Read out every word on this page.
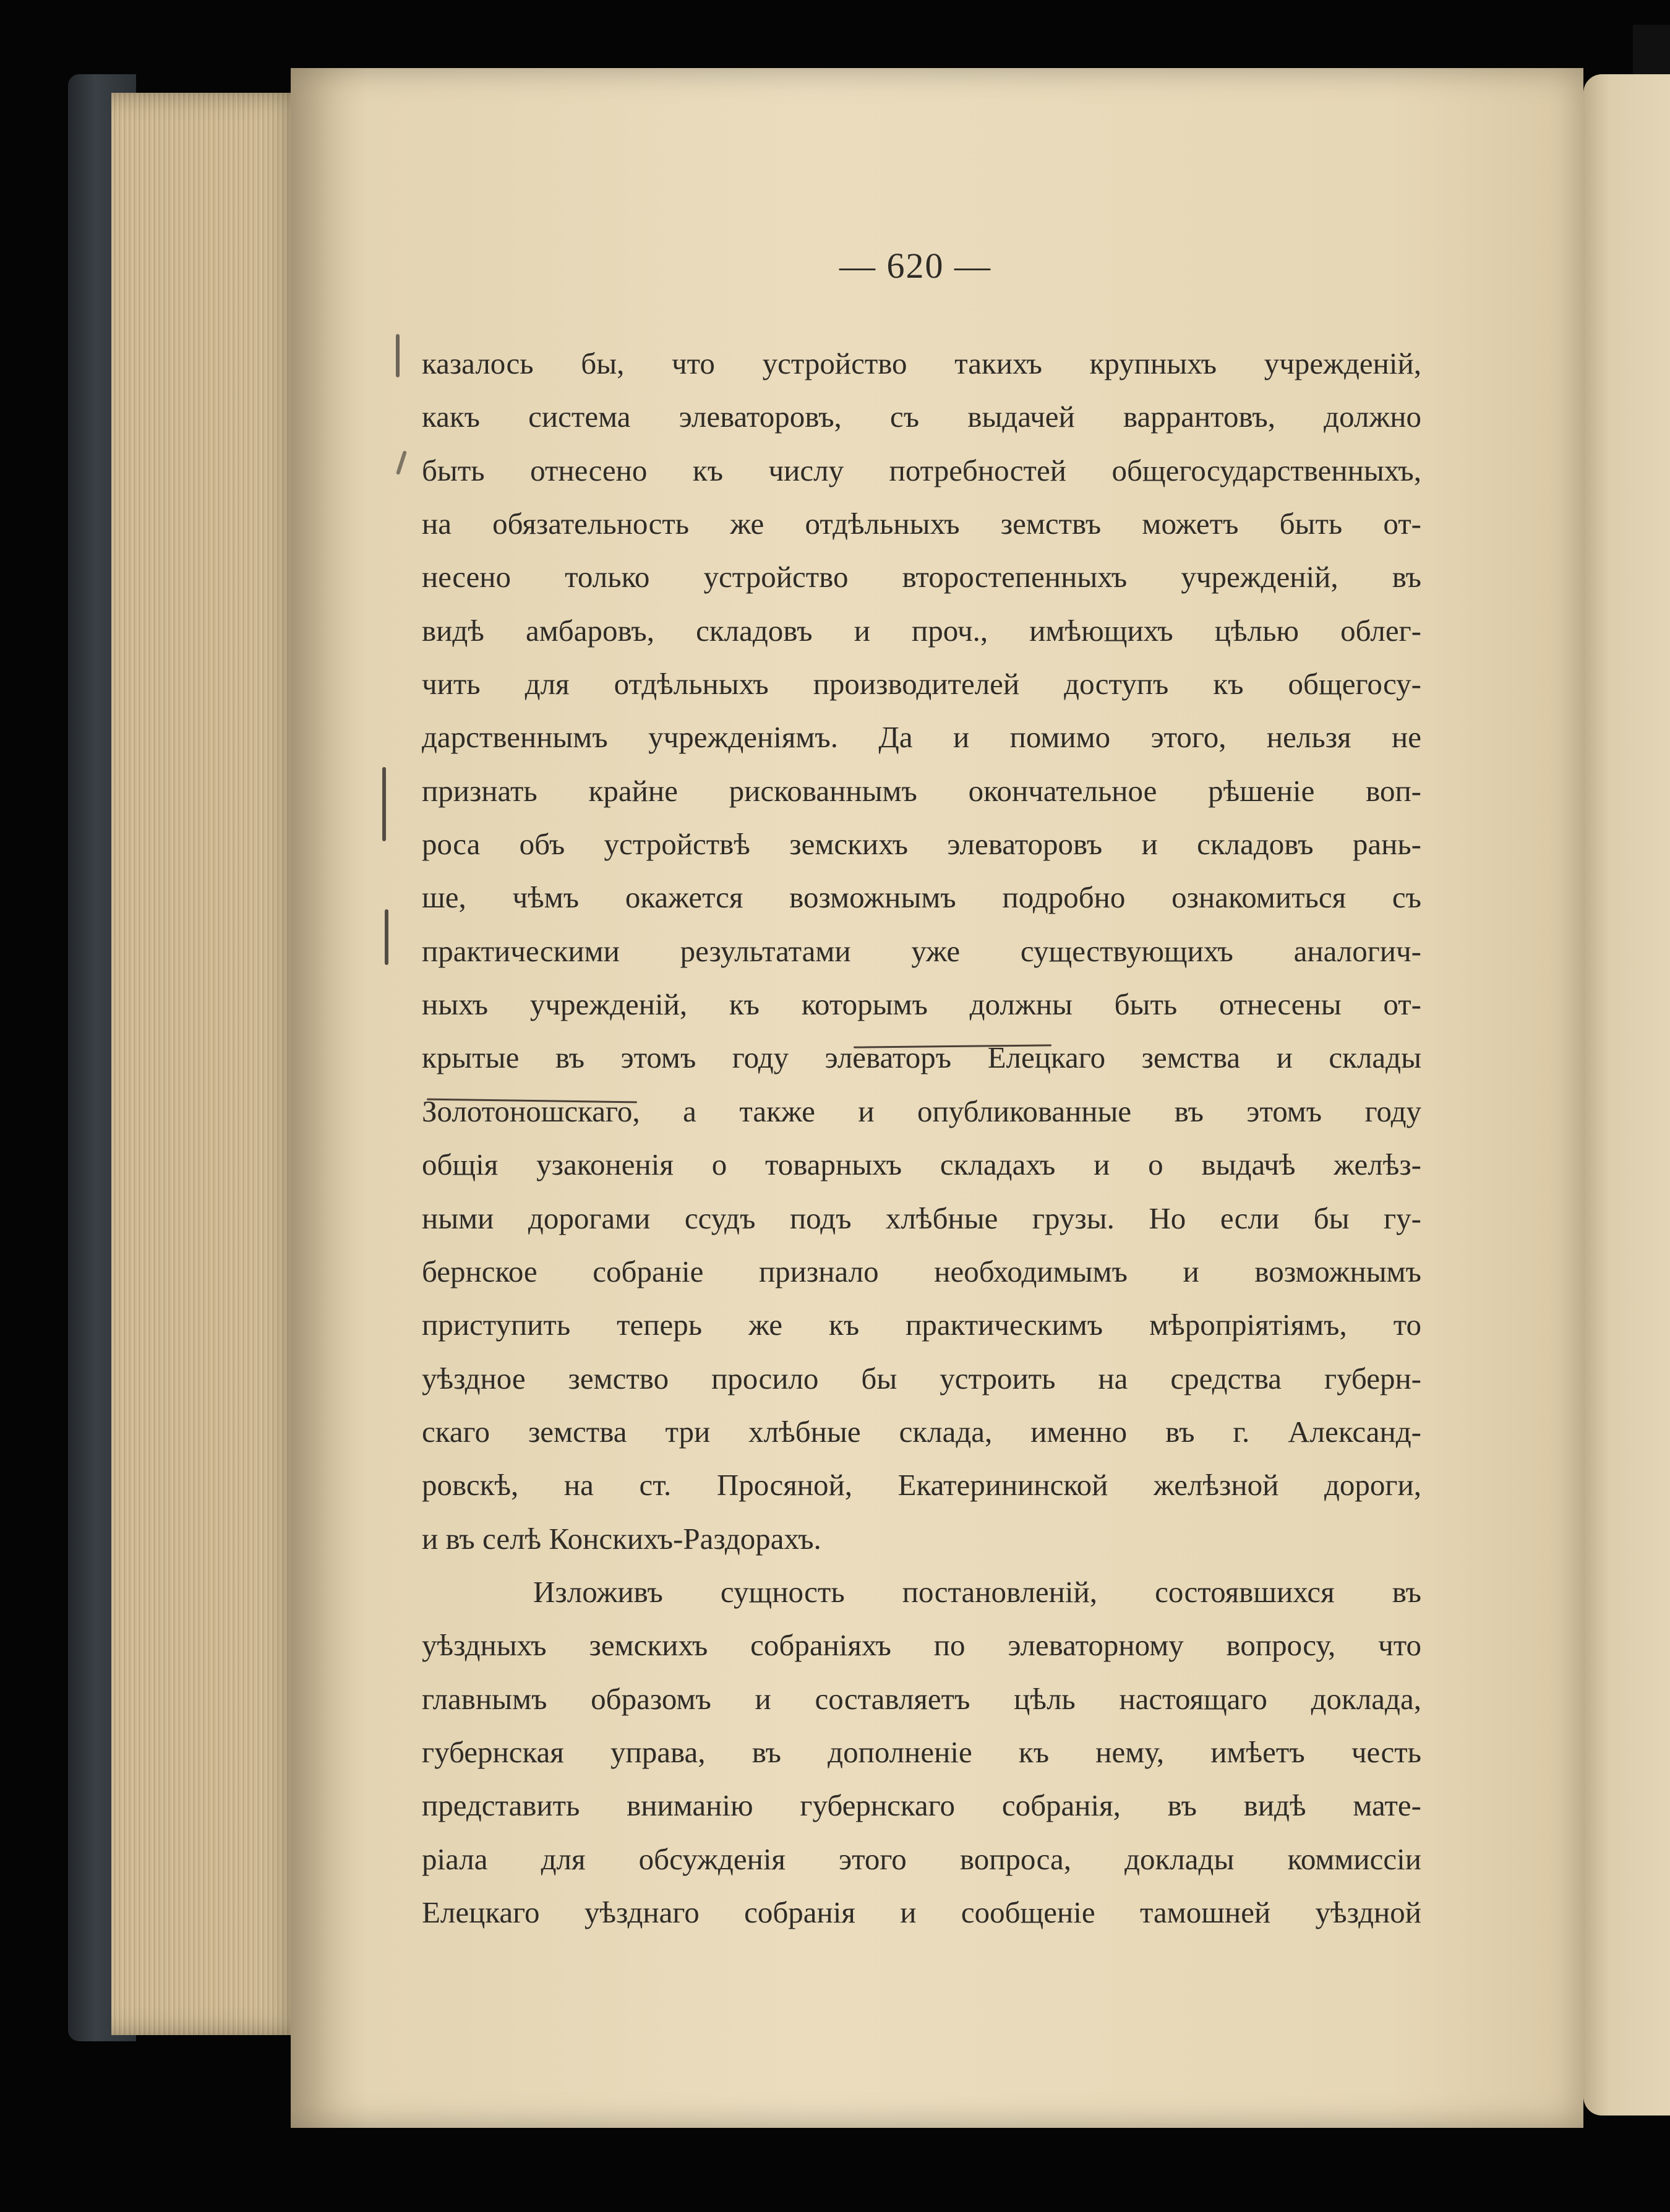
— 620 —
казалось бы, что устройство такихъ крупныхъ учрежденій,
какъ система элеваторовъ, съ выдачей варрантовъ, должно
быть отнесено къ числу потребностей общегосударственныхъ,
на обязательность же отдѣльныхъ земствъ можетъ быть от-
несено только устройство второстепенныхъ учрежденій, въ
видѣ амбаровъ, складовъ и проч., имѣющихъ цѣлью облег-
чить для отдѣльныхъ производителей доступъ къ общегосу-
дарственнымъ учрежденіямъ. Да и помимо этого, нельзя не
признать крайне рискованнымъ окончательное рѣшеніе воп-
роса объ устройствѣ земскихъ элеваторовъ и складовъ рань-
ше, чѣмъ окажется возможнымъ подробно ознакомиться съ
практическими результатами уже существующихъ аналогич-
ныхъ учрежденій, къ которымъ должны быть отнесены от-
крытые въ этомъ году элеваторъ Елецкаго земства и склады
Золотоношскаго, а также и опубликованные въ этомъ году
общія узаконенія о товарныхъ складахъ и о выдачѣ желѣз-
ными дорогами ссудъ подъ хлѣбные грузы. Но если бы гу-
бернское собраніе признало необходимымъ и возможнымъ
приступить теперь же къ практическимъ мѣропріятіямъ, то
уѣздное земство просило бы устроить на средства губерн-
скаго земства три хлѣбные склада, именно въ г. Александ-
ровскѣ, на ст. Просяной, Екатерининской желѣзной дороги,
и въ селѣ Конскихъ-Раздорахъ.
Изложивъ сущность постановленій, состоявшихся въ
уѣздныхъ земскихъ собраніяхъ по элеваторному вопросу, что
главнымъ образомъ и составляетъ цѣль настоящаго доклада,
губернская управа, въ дополненіе къ нему, имѣетъ честь
представить вниманію губернскаго собранія, въ видѣ мате-
ріала для обсужденія этого вопроса, доклады коммиссіи
Елецкаго уѣзднаго собранія и сообщеніе тамошней уѣздной
